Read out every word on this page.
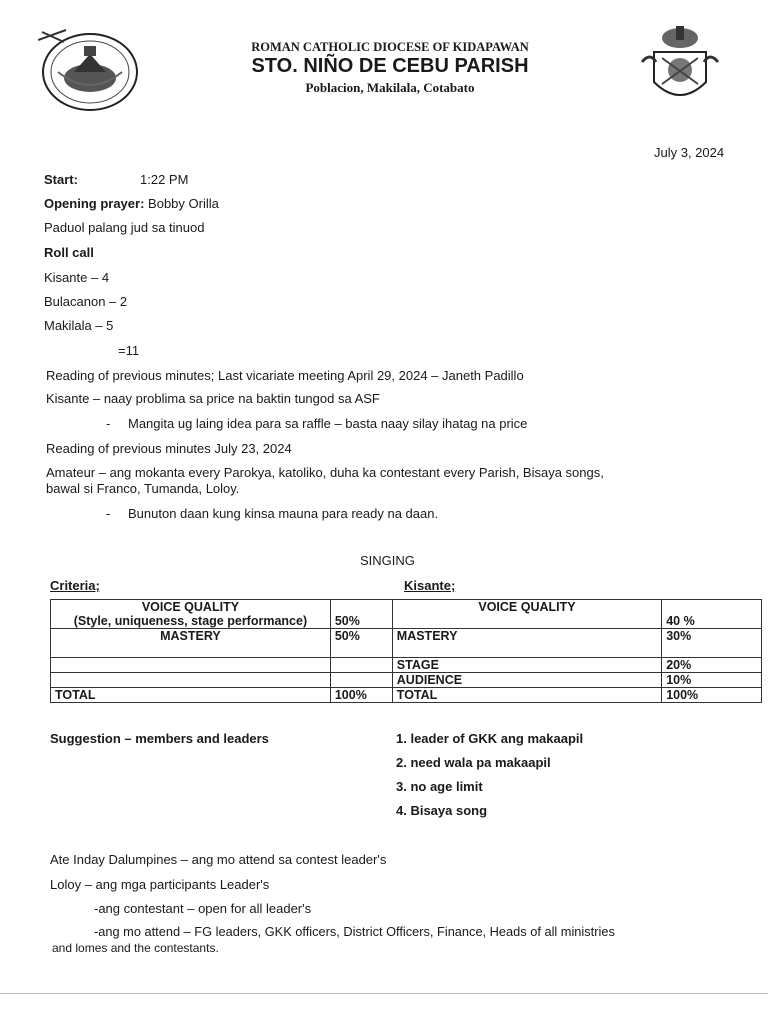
ROMAN CATHOLIC DIOCESE OF KIDAPAWAN
STO. NIÑO DE CEBU PARISH
Poblacion, Makilala, Cotabato
July 3, 2024
Start:	1:22 PM
Opening prayer: Bobby Orilla
Paduol palang jud sa tinuod
Roll call
Kisante – 4
Bulacanon – 2
Makilala – 5
=11
Reading of previous minutes; Last vicariate meeting April 29, 2024 – Janeth Padillo
Kisante – naay problima sa price na baktin tungod sa ASF
- Mangita ug laing idea para sa raffle – basta naay silay ihatag na price
Reading of previous minutes July 23, 2024
Amateur – ang mokanta every Parokya, katoliko, duha ka contestant every Parish, Bisaya songs,
bawal si Franco, Tumanda, Loloy.
- Bunuton daan kung kinsa mauna para ready na daan.
SINGING
Criteria;	Kisante;
VOICE QUALITY
(Style, uniqueness, stage performance)	50%	VOICE QUALITY	40 %
MASTERY	50%	MASTERY	30%
		STAGE	20%
		AUDIENCE	10%
TOTAL	100%	TOTAL	100%
Suggestion – members and leaders	1. leader of GKK ang makaapil
2. need wala pa makaapil
3. no age limit
4. Bisaya song
Ate Inday Dalumpines – ang mo attend sa contest leader's
Loloy – ang mga participants Leader's
-ang contestant – open for all leader's
-ang mo attend – FG leaders, GKK officers, District Officers, Finance, Heads of all ministries
and lomes and the contestants.
